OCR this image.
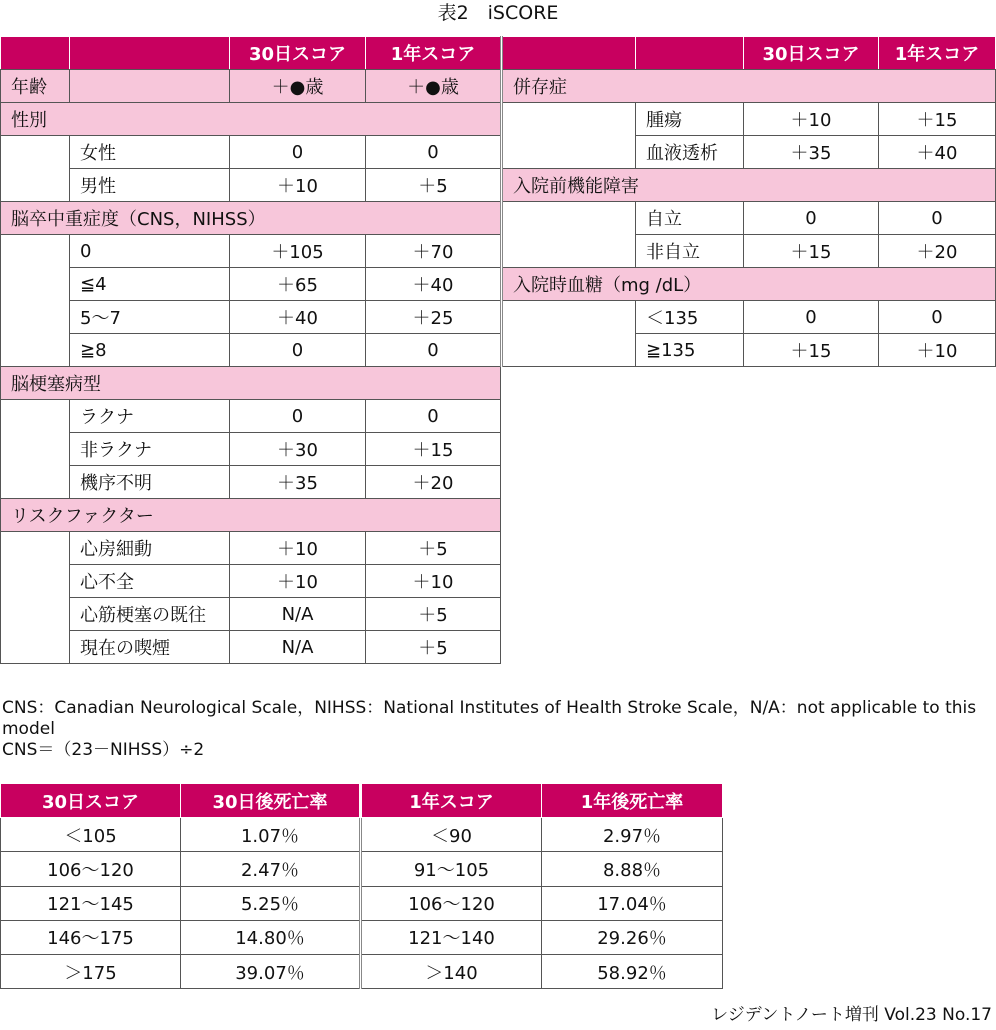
表2　iSCORE
		30日スコア	1年スコア
年齢		＋●歳	＋●歳
性別			
	女性	0	0
	男性	＋10	＋5
脳卒中重症度（CNS，NIHSS）			
	0	＋105	＋70
	≦4	＋65	＋40
	5〜7	＋40	＋25
	≧8	0	0
脳梗塞病型			
	ラクナ	0	0
	非ラクナ	＋30	＋15
	機序不明	＋35	＋20
リスクファクター			
	心房細動	＋10	＋5
	心不全	＋10	＋10
	心筋梗塞の既往	N/A	＋5
	現在の喫煙	N/A	＋5
		30日スコア	1年スコア
併存症			
	腫瘍	＋10	＋15
	血液透析	＋35	＋40
入院前機能障害			
	自立	0	0
	非自立	＋15	＋20
入院時血糖（mg /dL）			
	＜135	0	0
	≧135	＋15	＋10
CNS：Canadian Neurological Scale，NIHSS：National Institutes of Health Stroke Scale，N/A：not applicable to this model
CNS＝（23－NIHSS）÷2
30日スコア	30日後死亡率	1年スコア	1年後死亡率
＜105	1.07％	＜90	2.97％
106〜120	2.47％	91〜105	8.88％
121〜145	5.25％	106〜120	17.04％
146〜175	14.80％	121〜140	29.26％
＞175	39.07％	＞140	58.92％
レジデントノート増刊 Vol.23 No.17
